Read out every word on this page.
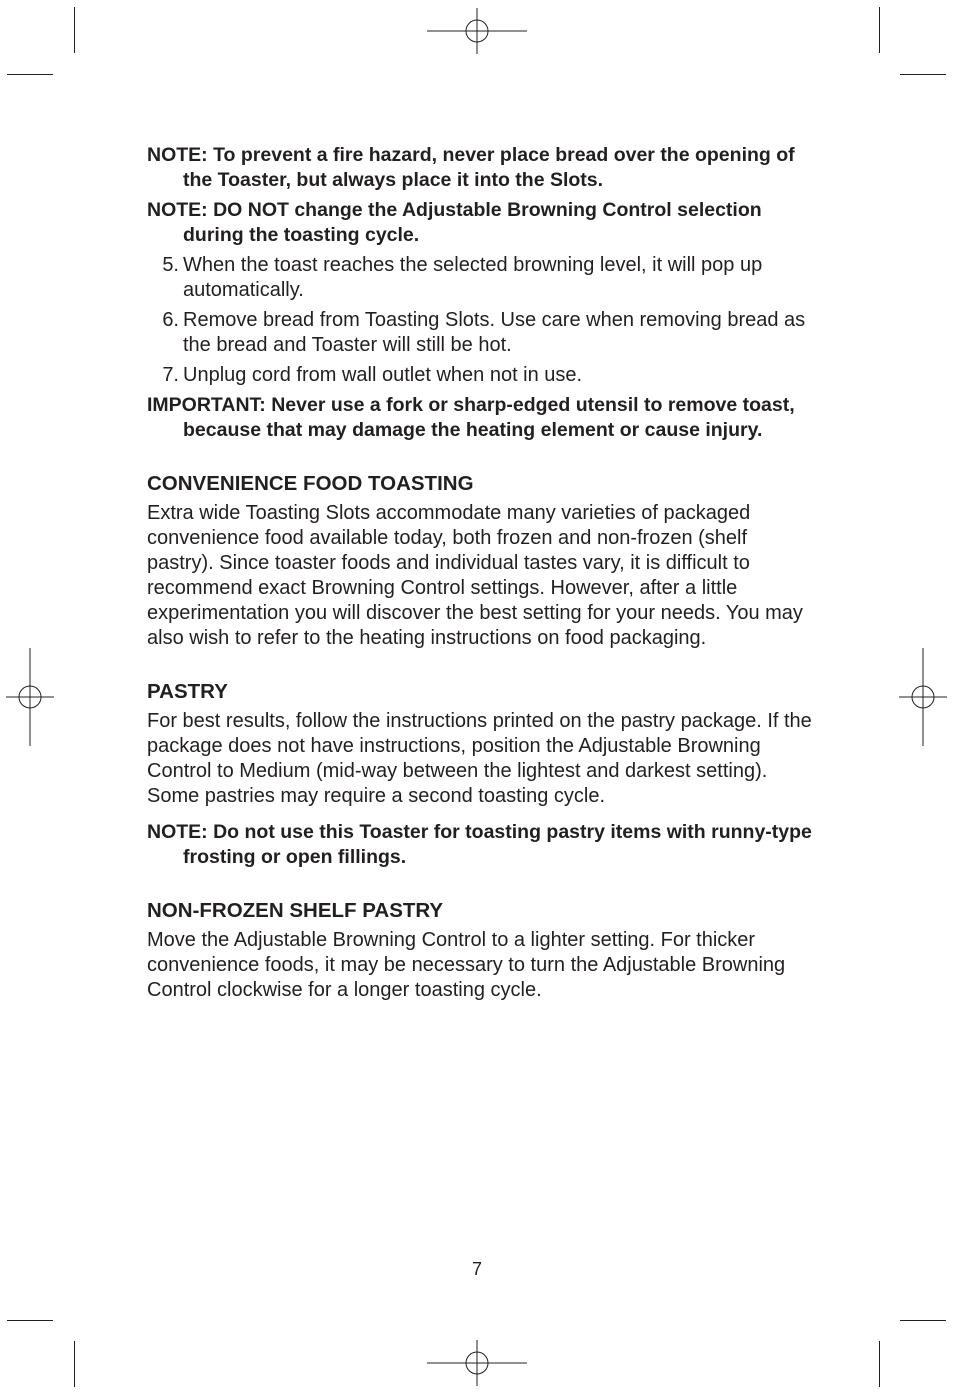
NOTE: To prevent a fire hazard, never place bread over the opening of the Toaster, but always place it into the Slots.
NOTE: DO NOT change the Adjustable Browning Control selection during the toasting cycle.
5. When the toast reaches the selected browning level, it will pop up automatically.
6. Remove bread from Toasting Slots. Use care when removing bread as the bread and Toaster will still be hot.
7. Unplug cord from wall outlet when not in use.
IMPORTANT: Never use a fork or sharp-edged utensil to remove toast, because that may damage the heating element or cause injury.
CONVENIENCE FOOD TOASTING

Extra wide Toasting Slots accommodate many varieties of packaged convenience food available today, both frozen and non-frozen (shelf pastry). Since toaster foods and individual tastes vary, it is difficult to recommend exact Browning Control settings. However, after a little experimentation you will discover the best setting for your needs. You may also wish to refer to the heating instructions on food packaging.

PASTRY

For best results, follow the instructions printed on the pastry package. If the package does not have instructions, position the Adjustable Browning Control to Medium (mid-way between the lightest and darkest setting). Some pastries may require a second toasting cycle.

NOTE: Do not use this Toaster for toasting pastry items with runny-type frosting or open fillings.
NON-FROZEN SHELF PASTRY

Move the Adjustable Browning Control to a lighter setting. For thicker convenience foods, it may be necessary to turn the Adjustable Browning Control clockwise for a longer toasting cycle.

7
